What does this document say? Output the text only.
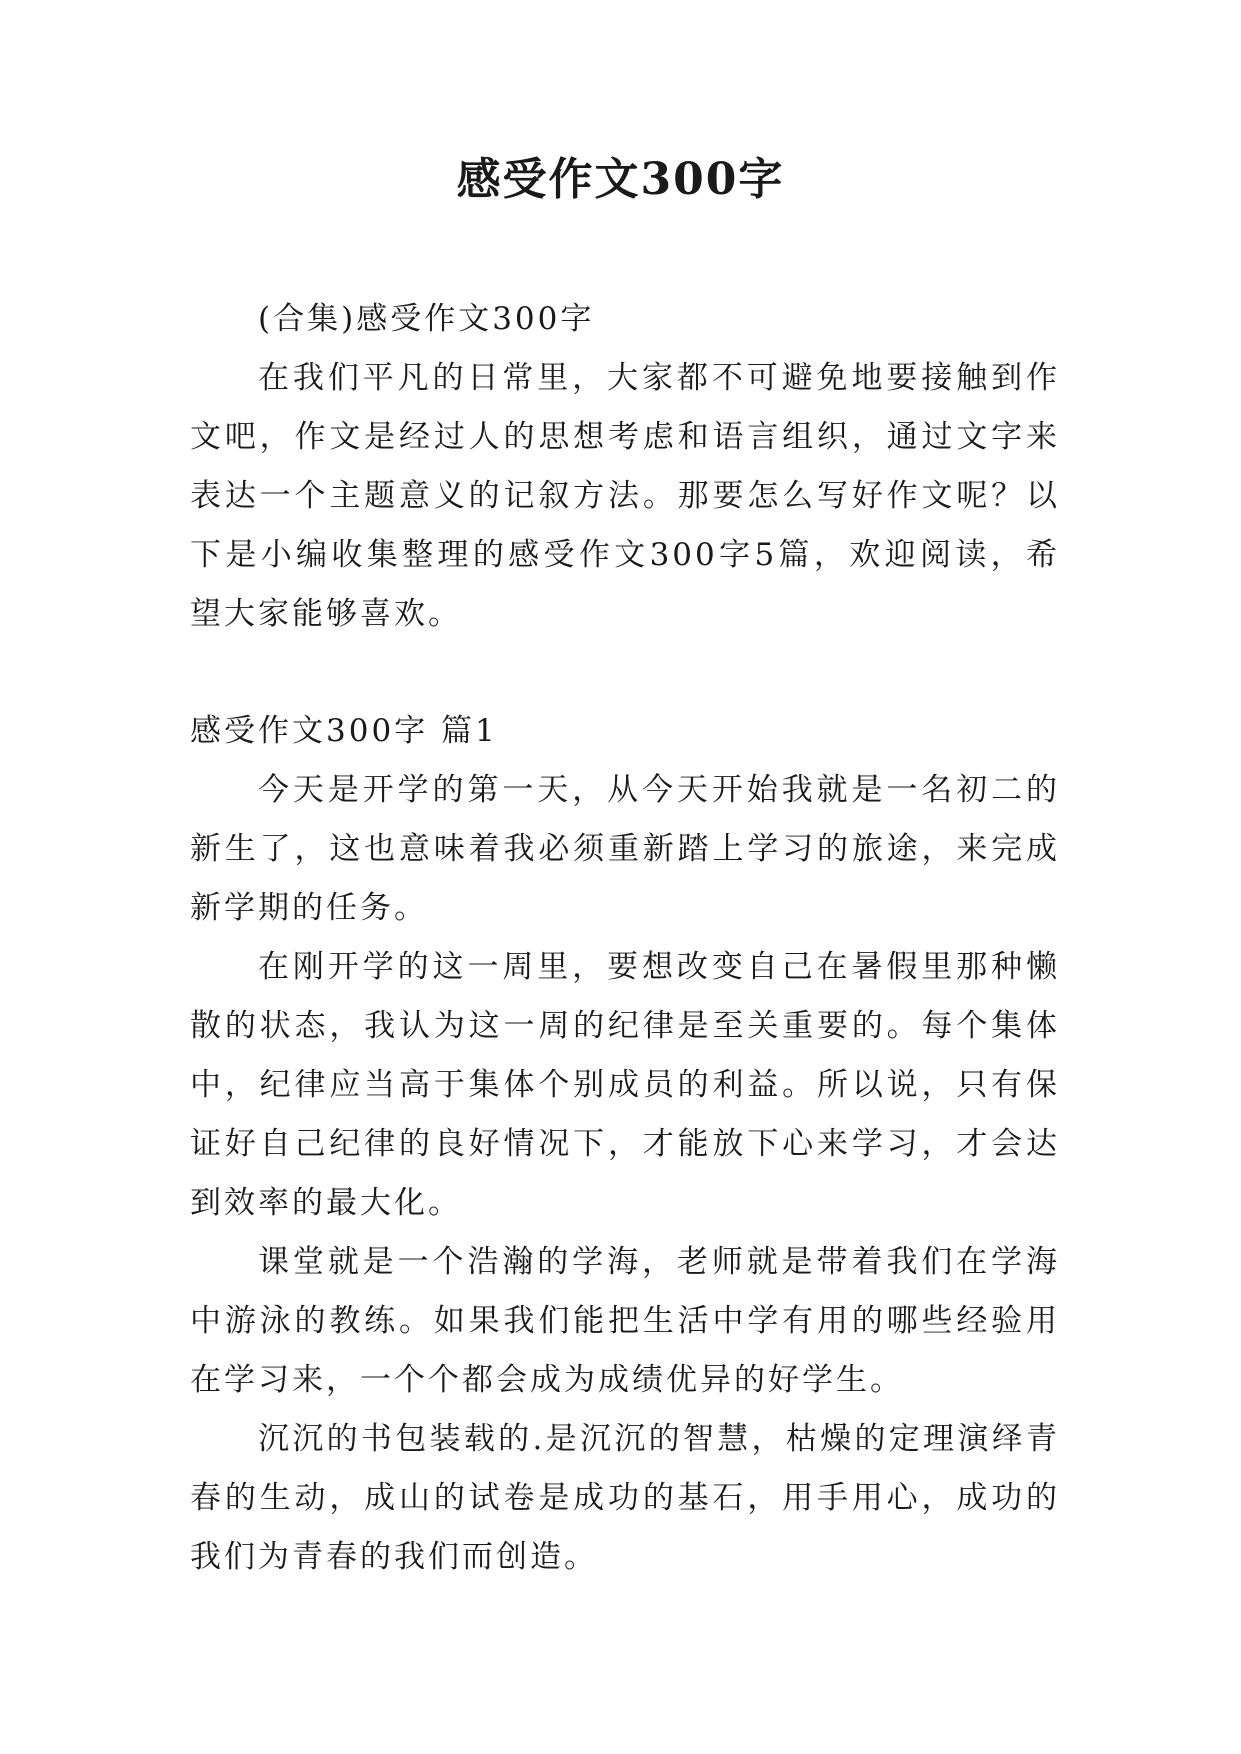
感受作文300字

(合集)感受作文300字

在我们平凡的日常里，大家都不可避免地要接触到作文吧，作文是经过人的思想考虑和语言组织，通过文字来表达一个主题意义的记叙方法。那要怎么写好作文呢？以下是小编收集整理的感受作文300字5篇，欢迎阅读，希望大家能够喜欢。

感受作文300字 篇1

今天是开学的第一天，从今天开始我就是一名初二的新生了，这也意味着我必须重新踏上学习的旅途，来完成新学期的任务。

在刚开学的这一周里，要想改变自己在暑假里那种懒散的状态，我认为这一周的纪律是至关重要的。每个集体中，纪律应当高于集体个别成员的利益。所以说，只有保证好自己纪律的良好情况下，才能放下心来学习，才会达到效率的最大化。

课堂就是一个浩瀚的学海，老师就是带着我们在学海中游泳的教练。如果我们能把生活中学有用的哪些经验用在学习来，一个个都会成为成绩优异的好学生。

沉沉的书包装载的.是沉沉的智慧，枯燥的定理演绎青春的生动，成山的试卷是成功的基石，用手用心，成功的我们为青春的我们而创造。
